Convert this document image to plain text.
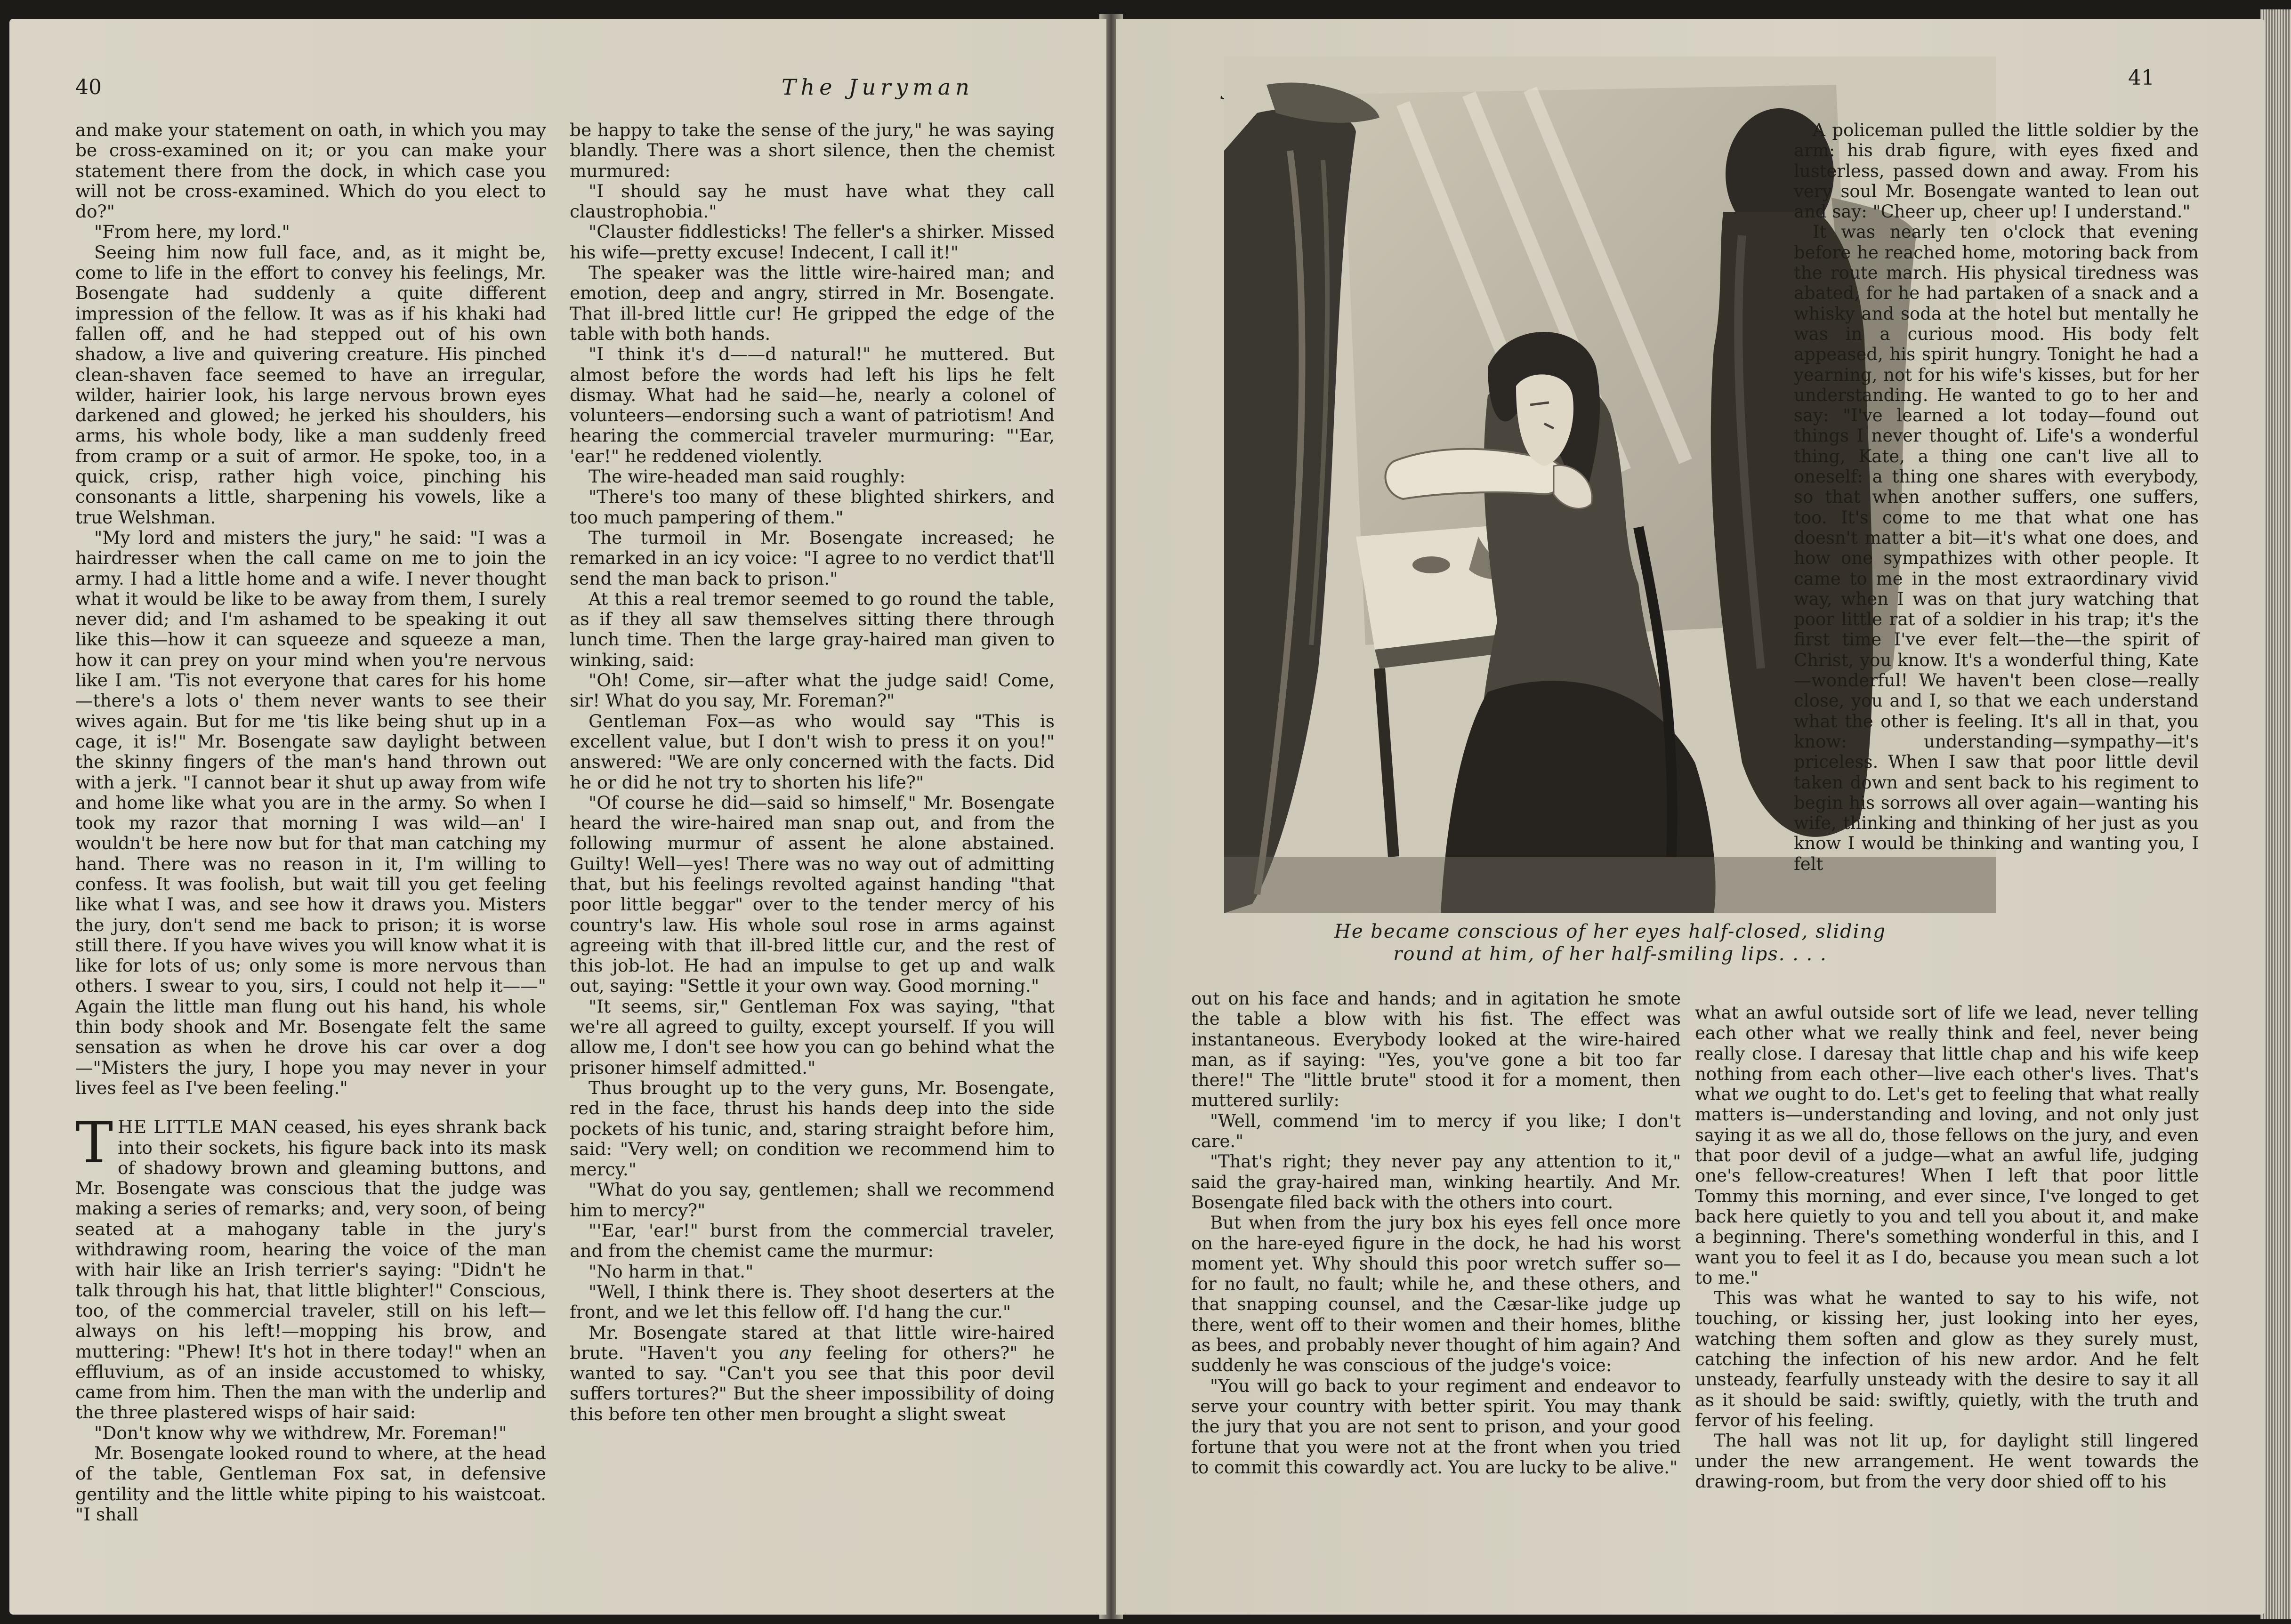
40	The Juryman

and make your statement on oath, in which you may be cross-examined on it; or you can make your statement there from the dock, in which case you will not be cross-examined. Which do you elect to do?"

"From here, my lord."

Seeing him now full face, and, as it might be, come to life in the effort to convey his feelings, Mr. Bosengate had suddenly a quite different impression of the fellow. It was as if his khaki had fallen off, and he had stepped out of his own shadow, a live and quivering creature. His pinched clean-shaven face seemed to have an irregular, wilder, hairier look, his large nervous brown eyes darkened and glowed; he jerked his shoulders, his arms, his whole body, like a man suddenly freed from cramp or a suit of armor. He spoke, too, in a quick, crisp, rather high voice, pinching his consonants a little, sharpening his vowels, like a true Welshman.

"My lord and misters the jury," he said: "I was a hairdresser when the call came on me to join the army. I had a little home and a wife. I never thought what it would be like to be away from them, I surely never did; and I'm ashamed to be speaking it out like this—how it can squeeze and squeeze a man, how it can prey on your mind when you're nervous like I am. 'Tis not everyone that cares for his home—there's a lots o' them never wants to see their wives again. But for me 'tis like being shut up in a cage, it is!" Mr. Bosengate saw daylight between the skinny fingers of the man's hand thrown out with a jerk. "I cannot bear it shut up away from wife and home like what you are in the army. So when I took my razor that morning I was wild—an' I wouldn't be here now but for that man catching my hand. There was no reason in it, I'm willing to confess. It was foolish, but wait till you get feeling like what I was, and see how it draws you. Misters the jury, don't send me back to prison; it is worse still there. If you have wives you will know what it is like for lots of us; only some is more nervous than others. I swear to you, sirs, I could not help it——" Again the little man flung out his hand, his whole thin body shook and Mr. Bosengate felt the same sensation as when he drove his car over a dog—"Misters the jury, I hope you may never in your lives feel as I've been feeling."

THE LITTLE MAN ceased, his eyes shrank back into their sockets, his figure back into its mask of shadowy brown and gleaming buttons, and Mr. Bosengate was conscious that the judge was making a series of remarks; and, very soon, of being seated at a mahogany table in the jury's withdrawing room, hearing the voice of the man with hair like an Irish terrier's saying: "Didn't he talk through his hat, that little blighter!" Conscious, too, of the commercial traveler, still on his left—always on his left!—mopping his brow, and muttering: "Phew! It's hot in there today!" when an effluvium, as of an inside accustomed to whisky, came from him. Then the man with the underlip and the three plastered wisps of hair said:

"Don't know why we withdrew, Mr. Foreman!"

Mr. Bosengate looked round to where, at the head of the table, Gentleman Fox sat, in defensive gentility and the little white piping to his waistcoat. "I shall

be happy to take the sense of the jury," he was saying blandly. There was a short silence, then the chemist murmured:

"I should say he must have what they call claustrophobia."

"Clauster fiddlesticks! The feller's a shirker. Missed his wife—pretty excuse! Indecent, I call it!"

The speaker was the little wire-haired man; and emotion, deep and angry, stirred in Mr. Bosengate. That ill-bred little cur! He gripped the edge of the table with both hands.

"I think it's d——d natural!" he muttered. But almost before the words had left his lips he felt dismay. What had he said—he, nearly a colonel of volunteers—endorsing such a want of patriotism! And hearing the commercial traveler murmuring: "'Ear, 'ear!" he reddened violently.

The wire-headed man said roughly:

"There's too many of these blighted shirkers, and too much pampering of them."

The turmoil in Mr. Bosengate increased; he remarked in an icy voice: "I agree to no verdict that'll send the man back to prison."

At this a real tremor seemed to go round the table, as if they all saw themselves sitting there through lunch time. Then the large gray-haired man given to winking, said:

"Oh! Come, sir—after what the judge said! Come, sir! What do you say, Mr. Foreman?"

Gentleman Fox—as who would say "This is excellent value, but I don't wish to press it on you!" answered: "We are only concerned with the facts. Did he or did he not try to shorten his life?"

"Of course he did—said so himself," Mr. Bosengate heard the wire-haired man snap out, and from the following murmur of assent he alone abstained. Guilty! Well—yes! There was no way out of admitting that, but his feelings revolted against handing "that poor little beggar" over to the tender mercy of his country's law. His whole soul rose in arms against agreeing with that ill-bred little cur, and the rest of this job-lot. He had an impulse to get up and walk out, saying: "Settle it your own way. Good morning."

"It seems, sir," Gentleman Fox was saying, "that we're all agreed to guilty, except yourself. If you will allow me, I don't see how you can go behind what the prisoner himself admitted."

Thus brought up to the very guns, Mr. Bosengate, red in the face, thrust his hands deep into the side pockets of his tunic, and, staring straight before him, said: "Very well; on condition we recommend him to mercy."

"What do you say, gentlemen; shall we recommend him to mercy?"

"'Ear, 'ear!" burst from the commercial traveler, and from the chemist came the murmur:

"No harm in that."

"Well, I think there is. They shoot deserters at the front, and we let this fellow off. I'd hang the cur."

Mr. Bosengate stared at that little wire-haired brute. "Haven't you any feeling for others?" he wanted to say. "Can't you see that this poor devil suffers tortures?" But the sheer impossibility of doing this before ten other men brought a slight sweat

41
He became conscious of her eyes half-closed, sliding
round at him, of her half-smiling lips. . . .

A policeman pulled the little soldier by the arm: his drab figure, with eyes fixed and lusterless, passed down and away. From his very soul Mr. Bosengate wanted to lean out and say: "Cheer up, cheer up! I understand."

It was nearly ten o'clock that evening before he reached home, motoring back from the route march. His physical tiredness was abated, for he had partaken of a snack and a whisky and soda at the hotel but mentally he was in a curious mood. His body felt appeased, his spirit hungry. Tonight he had a yearning, not for his wife's kisses, but for her understanding. He wanted to go to her and say: "I've learned a lot today—found out things I never thought of. Life's a wonderful thing, Kate, a thing one can't live all to oneself: a thing one shares with everybody, so that when another suffers, one suffers, too. It's come to me that what one has doesn't matter a bit—it's what one does, and how one sympathizes with other people. It came to me in the most extraordinary vivid way, when I was on that jury watching that poor little rat of a soldier in his trap; it's the first time I've ever felt—the—the spirit of Christ, you know. It's a wonderful thing, Kate—wonderful! We haven't been close—really close, you and I, so that we each understand what the other is feeling. It's all in that, you know: understanding—sympathy—it's priceless. When I saw that poor little devil taken down and sent back to his regiment to begin his sorrows all over again—wanting his wife, thinking and thinking of her just as you know I would be thinking and wanting you, I felt

out on his face and hands; and in agitation he smote the table a blow with his fist. The effect was instantaneous. Everybody looked at the wire-haired man, as if saying: "Yes, you've gone a bit too far there!" The "little brute" stood it for a moment, then muttered surlily:

"Well, commend 'im to mercy if you like; I don't care."

"That's right; they never pay any attention to it," said the gray-haired man, winking heartily. And Mr. Bosengate filed back with the others into court.

But when from the jury box his eyes fell once more on the hare-eyed figure in the dock, he had his worst moment yet. Why should this poor wretch suffer so—for no fault, no fault; while he, and these others, and that snapping counsel, and the Cæsar-like judge up there, went off to their women and their homes, blithe as bees, and probably never thought of him again? And suddenly he was conscious of the judge's voice:

"You will go back to your regiment and endeavor to serve your country with better spirit. You may thank the jury that you are not sent to prison, and your good fortune that you were not at the front when you tried to commit this cowardly act. You are lucky to be alive."

what an awful outside sort of life we lead, never telling each other what we really think and feel, never being really close. I daresay that little chap and his wife keep nothing from each other—live each other's lives. That's what we ought to do. Let's get to feeling that what really matters is—understanding and loving, and not only just saying it as we all do, those fellows on the jury, and even that poor devil of a judge—what an awful life, judging one's fellow-creatures! When I left that poor little Tommy this morning, and ever since, I've longed to get back here quietly to you and tell you about it, and make a beginning. There's something wonderful in this, and I want you to feel it as I do, because you mean such a lot to me."

This was what he wanted to say to his wife, not touching, or kissing her, just looking into her eyes, watching them soften and glow as they surely must, catching the infection of his new ardor. And he felt unsteady, fearfully unsteady with the desire to say it all as it should be said: swiftly, quietly, with the truth and fervor of his feeling.

The hall was not lit up, for daylight still lingered under the new arrangement. He went towards the drawing-room, but from the very door shied off to his
